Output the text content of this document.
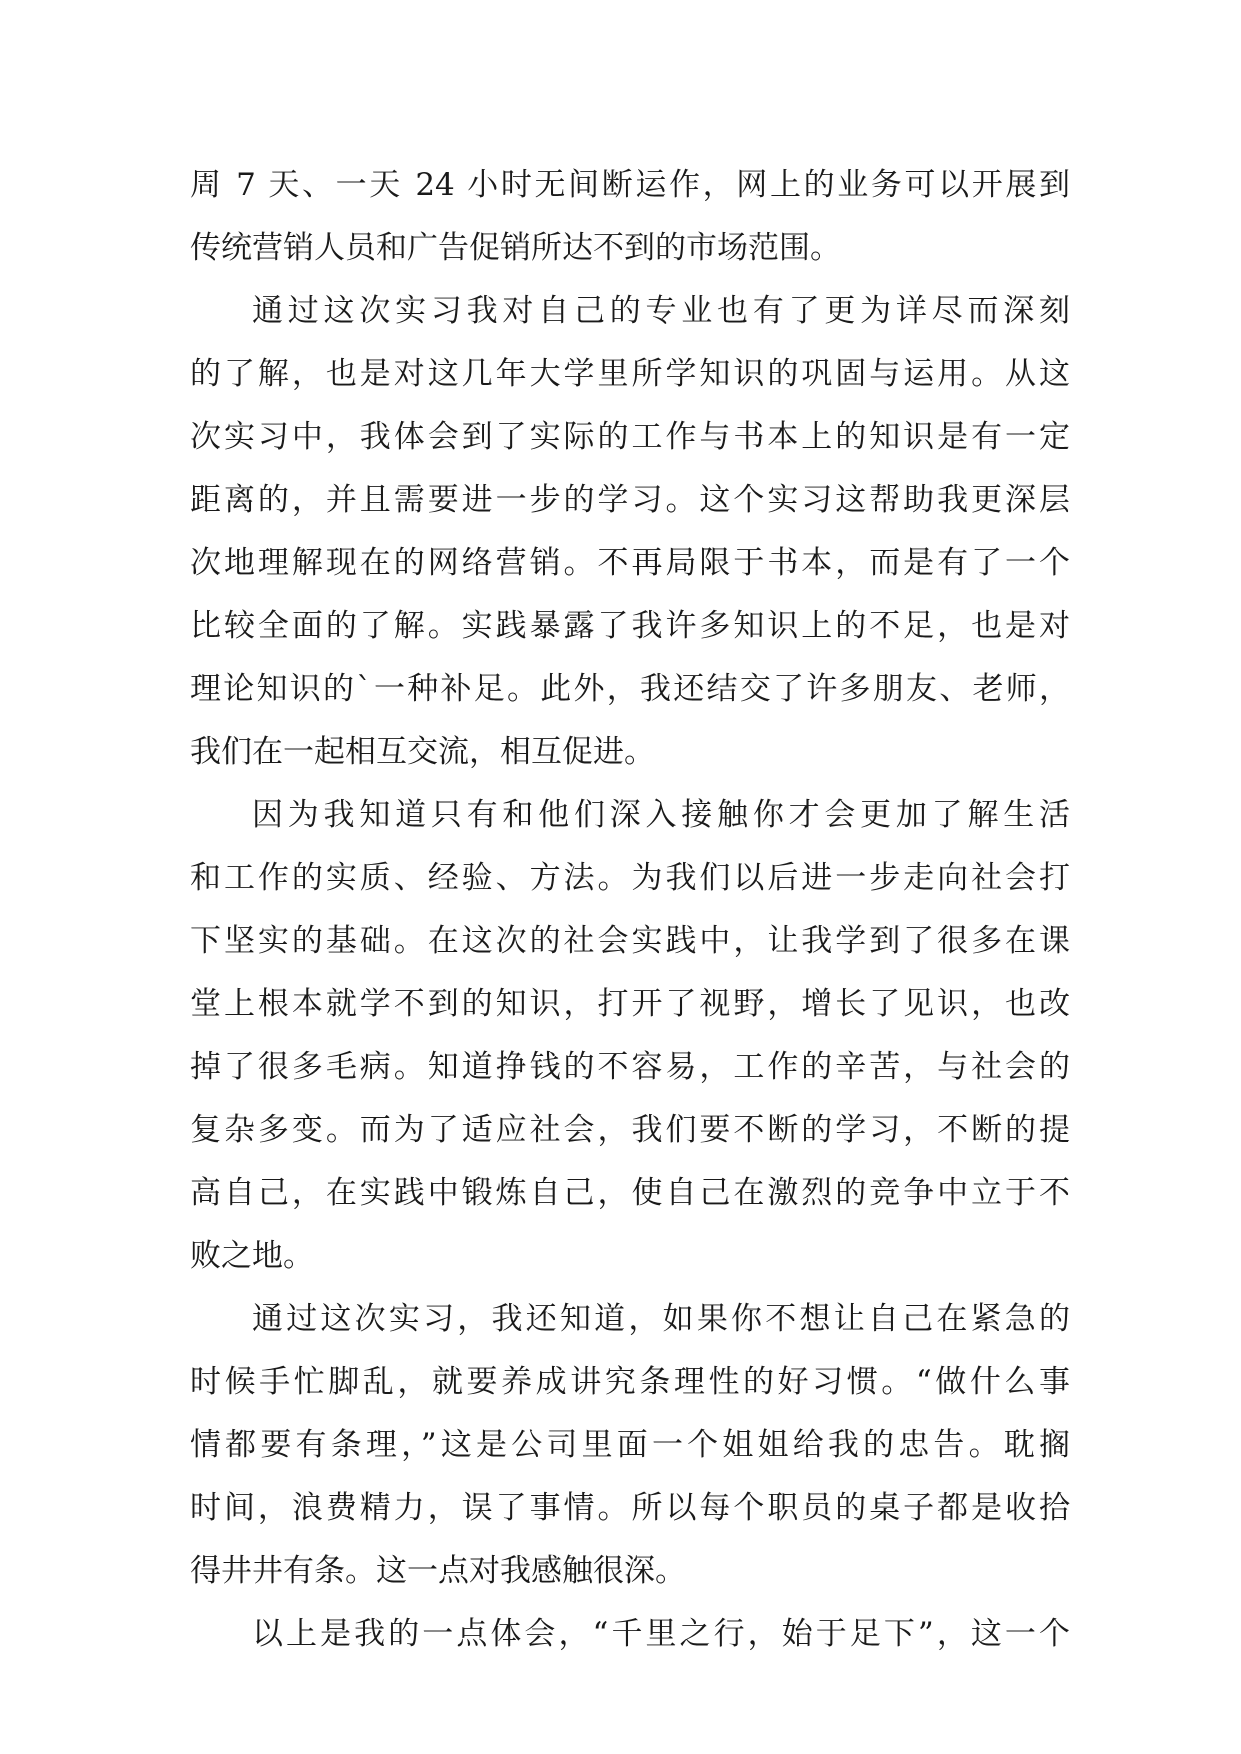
周 7 天、一天 24 小时无间断运作，网上的业务可以开展到
传统营销人员和广告促销所达不到的市场范围。
通过这次实习我对自己的专业也有了更为详尽而深刻
的了解，也是对这几年大学里所学知识的巩固与运用。从这
次实习中，我体会到了实际的工作与书本上的知识是有一定
距离的，并且需要进一步的学习。这个实习这帮助我更深层
次地理解现在的网络营销。不再局限于书本，而是有了一个
比较全面的了解。实践暴露了我许多知识上的不足，也是对
理论知识的`一种补足。此外，我还结交了许多朋友、老师，
我们在一起相互交流，相互促进。
因为我知道只有和他们深入接触你才会更加了解生活
和工作的实质、经验、方法。为我们以后进一步走向社会打
下坚实的基础。在这次的社会实践中，让我学到了很多在课
堂上根本就学不到的知识，打开了视野，增长了见识，也改
掉了很多毛病。知道挣钱的不容易，工作的辛苦，与社会的
复杂多变。而为了适应社会，我们要不断的学习，不断的提
高自己，在实践中锻炼自己，使自己在激烈的竞争中立于不
败之地。
通过这次实习，我还知道，如果你不想让自己在紧急的
时候手忙脚乱，就要养成讲究条理性的好习惯。“做什么事
情都要有条理，”这是公司里面一个姐姐给我的忠告。耽搁
时间，浪费精力，误了事情。所以每个职员的桌子都是收拾
得井井有条。这一点对我感触很深。
以上是我的一点体会，“千里之行，始于足下”，这一个
